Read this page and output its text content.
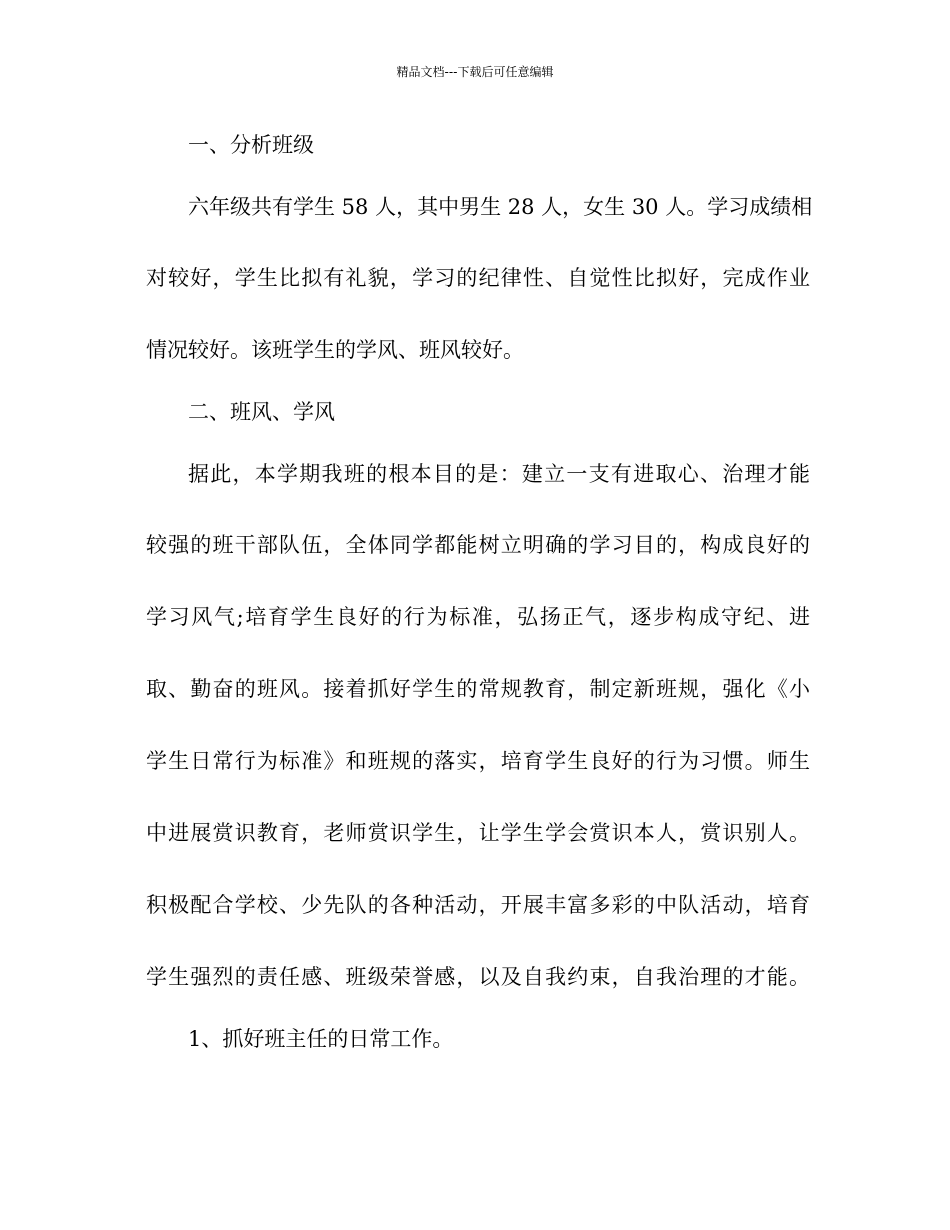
精品文档---下载后可任意编辑
一、分析班级
六年级共有学生 58 人，其中男生 28 人，女生 30 人。学习成绩相
对较好，学生比拟有礼貌，学习的纪律性、自觉性比拟好，完成作业
情况较好。该班学生的学风、班风较好。
二、班风、学风
据此，本学期我班的根本目的是：建立一支有进取心、治理才能
较强的班干部队伍，全体同学都能树立明确的学习目的，构成良好的
学习风气;培育学生良好的行为标准，弘扬正气，逐步构成守纪、进
取、勤奋的班风。接着抓好学生的常规教育，制定新班规，强化《小
学生日常行为标准》和班规的落实，培育学生良好的行为习惯。师生
中进展赏识教育，老师赏识学生，让学生学会赏识本人，赏识别人。
积极配合学校、少先队的各种活动，开展丰富多彩的中队活动，培育
学生强烈的责任感、班级荣誉感，以及自我约束，自我治理的才能。
1、抓好班主任的日常工作。
